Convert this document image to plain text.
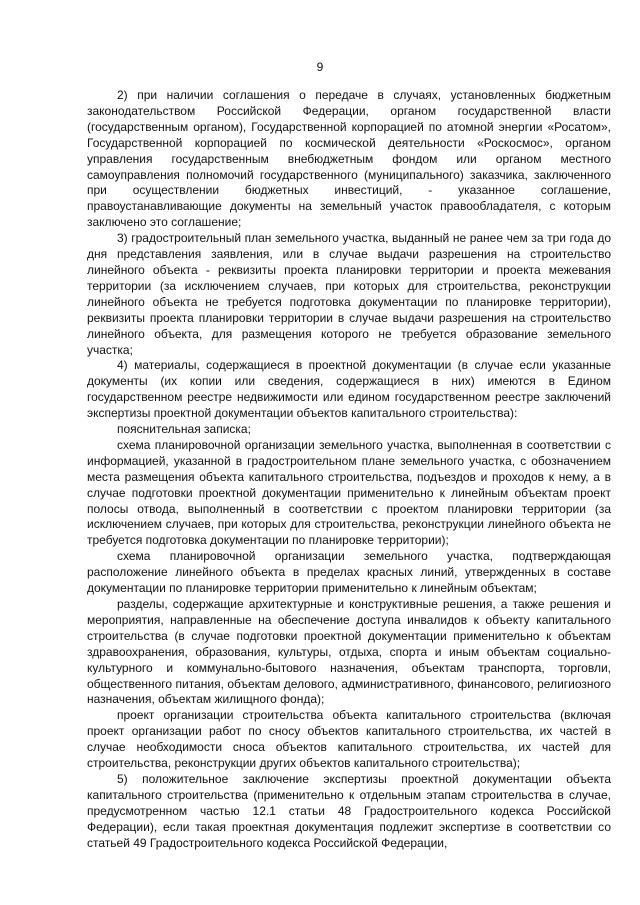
9

2) при наличии соглашения о передаче в случаях, установленных бюджетным законодательством Российской Федерации, органом государственной власти (государственным органом), Государственной корпорацией по атомной энергии «Росатом», Государственной корпорацией по космической деятельности «Роскосмос», органом управления государственным внебюджетным фондом или органом местного самоуправления полномочий государственного (муниципального) заказчика, заключенного при осуществлении бюджетных инвестиций, - указанное соглашение, правоустанавливающие документы на земельный участок правообладателя, с которым заключено это соглашение;

3) градостроительный план земельного участка, выданный не ранее чем за три года до дня представления заявления, или в случае выдачи разрешения на строительство линейного объекта - реквизиты проекта планировки территории и проекта межевания территории (за исключением случаев, при которых для строительства, реконструкции линейного объекта не требуется подготовка документации по планировке территории), реквизиты проекта планировки территории в случае выдачи разрешения на строительство линейного объекта, для размещения которого не требуется образование земельного участка;

4) материалы, содержащиеся в проектной документации (в случае если указанные документы (их копии или сведения, содержащиеся в них) имеются в Едином государственном реестре недвижимости или едином государственном реестре заключений экспертизы проектной документации объектов капитального строительства):

пояснительная записка;

схема планировочной организации земельного участка, выполненная в соответствии с информацией, указанной в градостроительном плане земельного участка, с обозначением места размещения объекта капитального строительства, подъездов и проходов к нему, а в случае подготовки проектной документации применительно к линейным объектам проект полосы отвода, выполненный в соответствии с проектом планировки территории (за исключением случаев, при которых для строительства, реконструкции линейного объекта не требуется подготовка документации по планировке территории);

схема планировочной организации земельного участка, подтверждающая расположение линейного объекта в пределах красных линий, утвержденных в составе документации по планировке территории применительно к линейным объектам;

разделы, содержащие архитектурные и конструктивные решения, а также решения и мероприятия, направленные на обеспечение доступа инвалидов к объекту капитального строительства (в случае подготовки проектной документации применительно к объектам здравоохранения, образования, культуры, отдыха, спорта и иным объектам социально-культурного и коммунально-бытового назначения, объектам транспорта, торговли, общественного питания, объектам делового, административного, финансового, религиозного назначения, объектам жилищного фонда);

проект организации строительства объекта капитального строительства (включая проект организации работ по сносу объектов капитального строительства, их частей в случае необходимости сноса объектов капитального строительства, их частей для строительства, реконструкции других объектов капитального строительства);

5) положительное заключение экспертизы проектной документации объекта капитального строительства (применительно к отдельным этапам строительства в случае, предусмотренном частью 12.1 статьи 48 Градостроительного кодекса Российской Федерации), если такая проектная документация подлежит экспертизе в соответствии со статьей 49 Градостроительного кодекса Российской Федерации,
